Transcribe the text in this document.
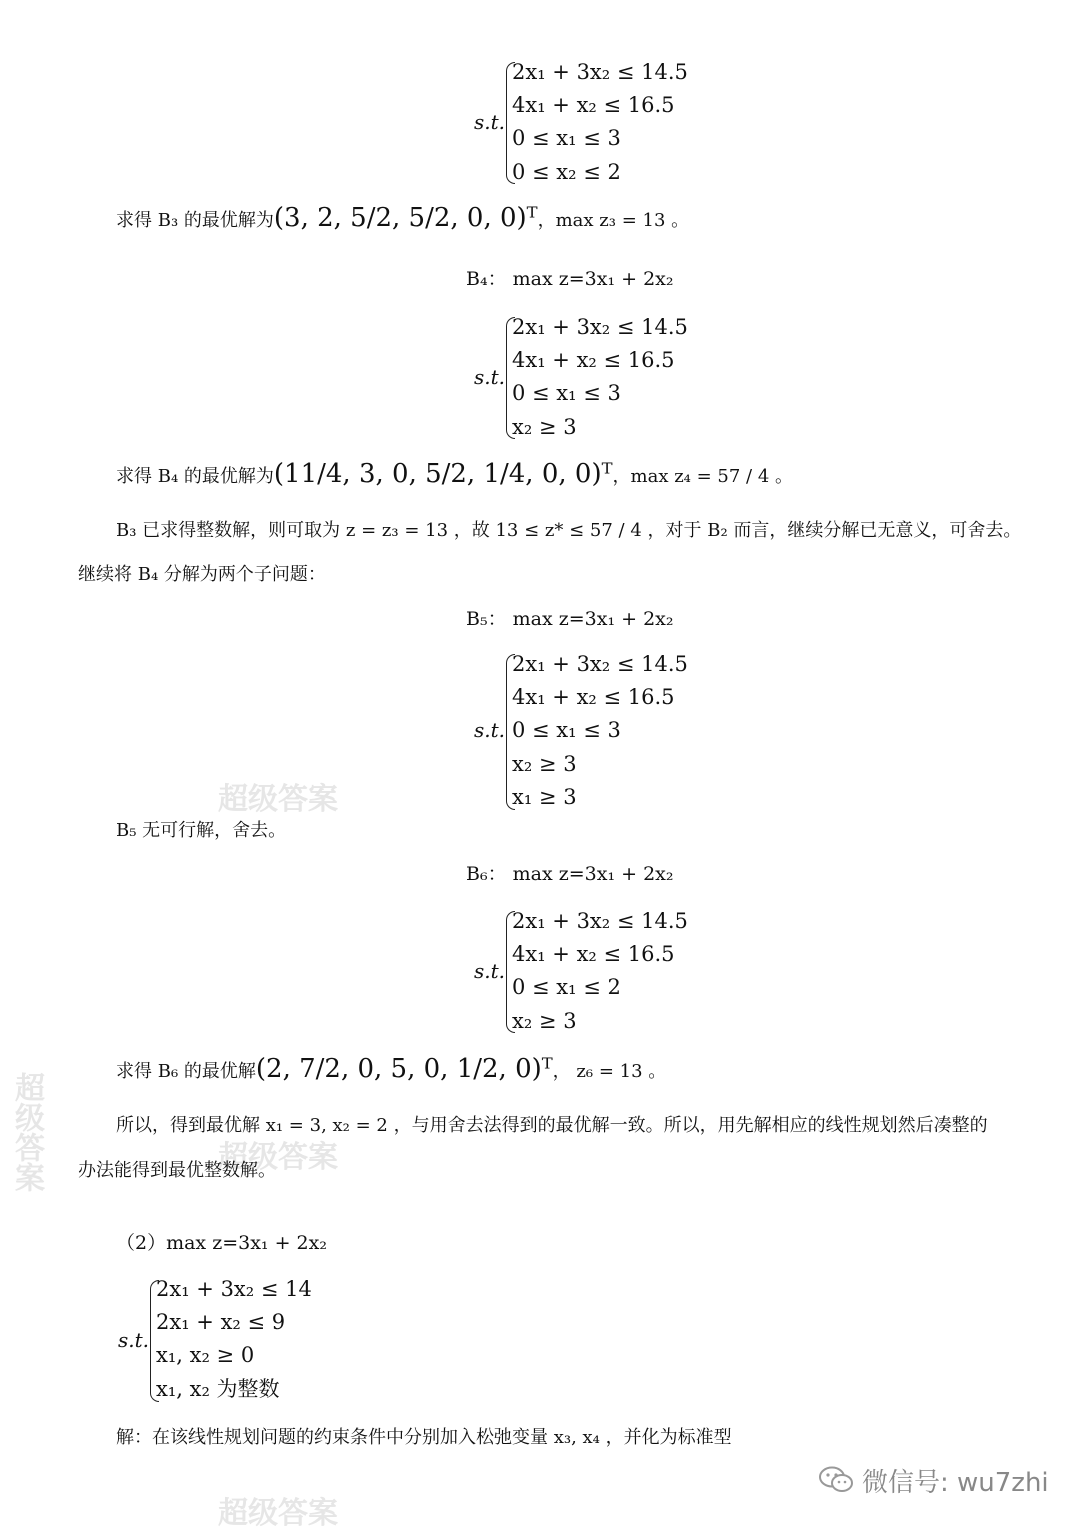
超级答案
超级答案
超级答案
超级答案
s.t.
2x₁ + 3x₂ ≤ 14.5
4x₁ + x₂ ≤ 16.5
0 ≤ x₁ ≤ 3
0 ≤ x₂ ≤ 2
求得 B₃ 的最优解为(3, 2, 5/2, 5/2, 0, 0)ᵀ，max z₃ = 13 。
B₄： max z=3x₁ + 2x₂
s.t.
2x₁ + 3x₂ ≤ 14.5
4x₁ + x₂ ≤ 16.5
0 ≤ x₁ ≤ 3
x₂ ≥ 3
求得 B₄ 的最优解为(11/4, 3, 0, 5/2, 1/4, 0, 0)ᵀ，max z₄ = 57 / 4 。
B₃ 已求得整数解，则可取为 z = z₃ = 13 ，故 13 ≤ z* ≤ 57 / 4 ，对于 B₂ 而言，继续分解已无意义，可舍去。
继续将 B₄ 分解为两个子问题：
B₅： max z=3x₁ + 2x₂
s.t.
2x₁ + 3x₂ ≤ 14.5
4x₁ + x₂ ≤ 16.5
0 ≤ x₁ ≤ 3
x₂ ≥ 3
x₁ ≥ 3
B₅ 无可行解，舍去。
B₆： max z=3x₁ + 2x₂
s.t.
2x₁ + 3x₂ ≤ 14.5
4x₁ + x₂ ≤ 16.5
0 ≤ x₁ ≤ 2
x₂ ≥ 3
求得 B₆ 的最优解(2, 7/2, 0, 5, 0, 1/2, 0)ᵀ， z₆ = 13 。
所以，得到最优解 x₁ = 3, x₂ = 2 ，与用舍去法得到的最优解一致。所以，用先解相应的线性规划然后凑整的
办法能得到最优整数解。
（2）max z=3x₁ + 2x₂
s.t.
2x₁ + 3x₂ ≤ 14
2x₁ + x₂ ≤ 9
x₁, x₂ ≥ 0
x₁, x₂ 为整数
解：在该线性规划问题的约束条件中分别加入松弛变量 x₃, x₄ ，并化为标准型
微信号: wu7zhi
